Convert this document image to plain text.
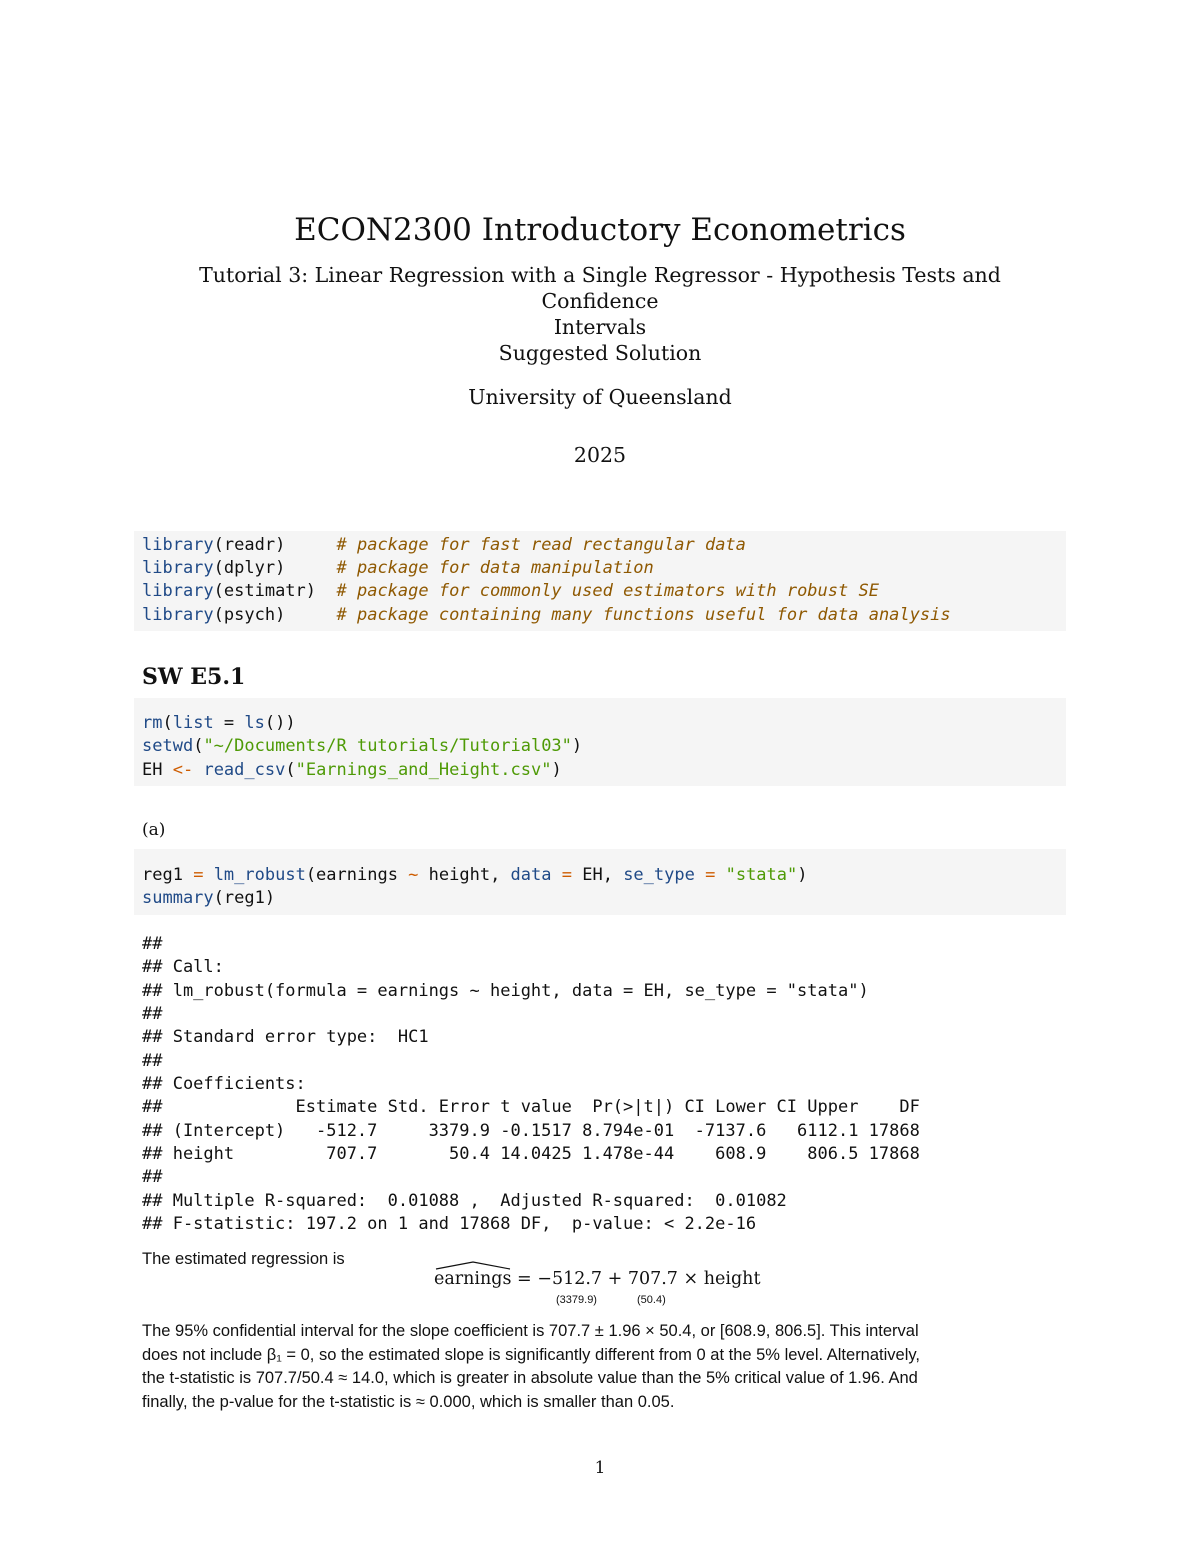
ECON2300 Introductory Econometrics
Tutorial 3: Linear Regression with a Single Regressor - Hypothesis Tests and Confidence
Intervals
Suggested Solution
University of Queensland
2025
library(readr)     # package for fast read rectangular data
library(dplyr)     # package for data manipulation
library(estimatr)  # package for commonly used estimators with robust SE
library(psych)     # package containing many functions useful for data analysis
SW E5.1
rm(list = ls())
setwd("~/Documents/R tutorials/Tutorial03")
EH <- read_csv("Earnings_and_Height.csv")
(a)
reg1 = lm_robust(earnings ~ height, data = EH, se_type = "stata")
summary(reg1)
##
## Call:
## lm_robust(formula = earnings ~ height, data = EH, se_type = "stata")
##
## Standard error type:  HC1
##
## Coefficients:
##             Estimate Std. Error t value  Pr(>|t|) CI Lower CI Upper    DF
## (Intercept)   -512.7     3379.9 -0.1517 8.794e-01  -7137.6   6112.1 17868
## height         707.7       50.4 14.0425 1.478e-44    608.9    806.5 17868
##
## Multiple R-squared:  0.01088 ,  Adjusted R-squared:  0.01082
## F-statistic: 197.2 on 1 and 17868 DF,  p-value: < 2.2e-16
The estimated regression is
earnings = −512.7 + 707.7 × height
(3379.9)	(50.4)
The 95% confidential interval for the slope coefficient is 707.7 ± 1.96 × 50.4, or [608.9, 806.5]. This interval
does not include β₁ = 0, so the estimated slope is significantly different from 0 at the 5% level. Alternatively,
the t-statistic is 707.7/50.4 ≈ 14.0, which is greater in absolute value than the 5% critical value of 1.96. And
finally, the p-value for the t-statistic is ≈ 0.000, which is smaller than 0.05.
1
